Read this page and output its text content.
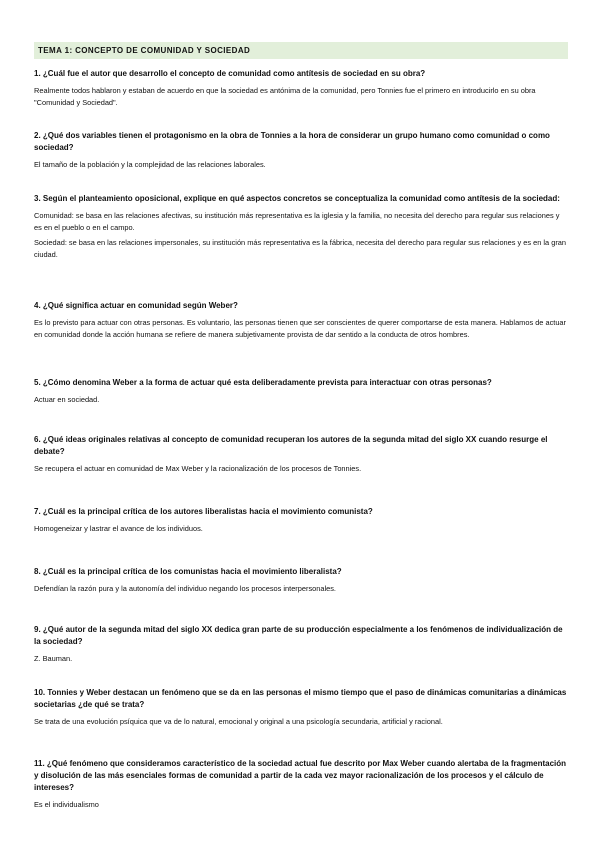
TEMA 1: CONCEPTO DE COMUNIDAD Y SOCIEDAD

1. ¿Cuál fue el autor que desarrollo el concepto de comunidad como antítesis de sociedad en su obra?

Realmente todos hablaron y estaban de acuerdo en que la sociedad es antónima de la comunidad, pero Tonnies fue el primero en introducirlo en su obra "Comunidad y Sociedad".

2. ¿Qué dos variables tienen el protagonismo en la obra de Tonnies a la hora de considerar un grupo humano como comunidad o como sociedad?

El tamaño de la población y la complejidad de las relaciones laborales.

3. Según el planteamiento oposicional, explique en qué aspectos concretos se conceptualiza la comunidad como antítesis de la sociedad:

Comunidad: se basa en las relaciones afectivas, su institución más representativa es la iglesia y la familia, no necesita del derecho para regular sus relaciones y es en el pueblo o en el campo.

Sociedad: se basa en las relaciones impersonales, su institución más representativa es la fábrica, necesita del derecho para regular sus relaciones y es en la gran ciudad.

4. ¿Qué significa actuar en comunidad según Weber?

Es lo previsto para actuar con otras personas. Es voluntario, las personas tienen que ser conscientes de querer comportarse de esta manera. Hablamos de actuar en comunidad donde la acción humana se refiere de manera subjetivamente provista de dar sentido a la conducta de otros hombres.

5. ¿Cómo denomina Weber a la forma de actuar qué esta deliberadamente prevista para interactuar con otras personas?

Actuar en sociedad.

6. ¿Qué ideas originales relativas al concepto de comunidad recuperan los autores de la segunda mitad del siglo XX cuando resurge el debate?

Se recupera el actuar en comunidad de Max Weber y la racionalización de los procesos de Tonnies.

7. ¿Cuál es la principal crítica de los autores liberalistas hacia el movimiento comunista?

Homogeneizar y lastrar el avance de los individuos.

8. ¿Cuál es la principal crítica de los comunistas hacia el movimiento liberalista?

Defendían la razón pura y la autonomía del individuo negando los procesos interpersonales.

9. ¿Qué autor de la segunda mitad del siglo XX dedica gran parte de su producción especialmente a los fenómenos de individualización de la sociedad?

Z. Bauman.

10. Tonnies y Weber destacan un fenómeno que se da en las personas el mismo tiempo que el paso de dinámicas comunitarias a dinámicas societarias ¿de qué se trata?

Se trata de una evolución psíquica que va de lo natural, emocional y original a una psicología secundaria, artificial y racional.

11. ¿Qué fenómeno que consideramos característico de la sociedad actual fue descrito por Max Weber cuando alertaba de la fragmentación y disolución de las más esenciales formas de comunidad a partir de la cada vez mayor racionalización de los procesos y el cálculo de intereses?

Es el individualismo
